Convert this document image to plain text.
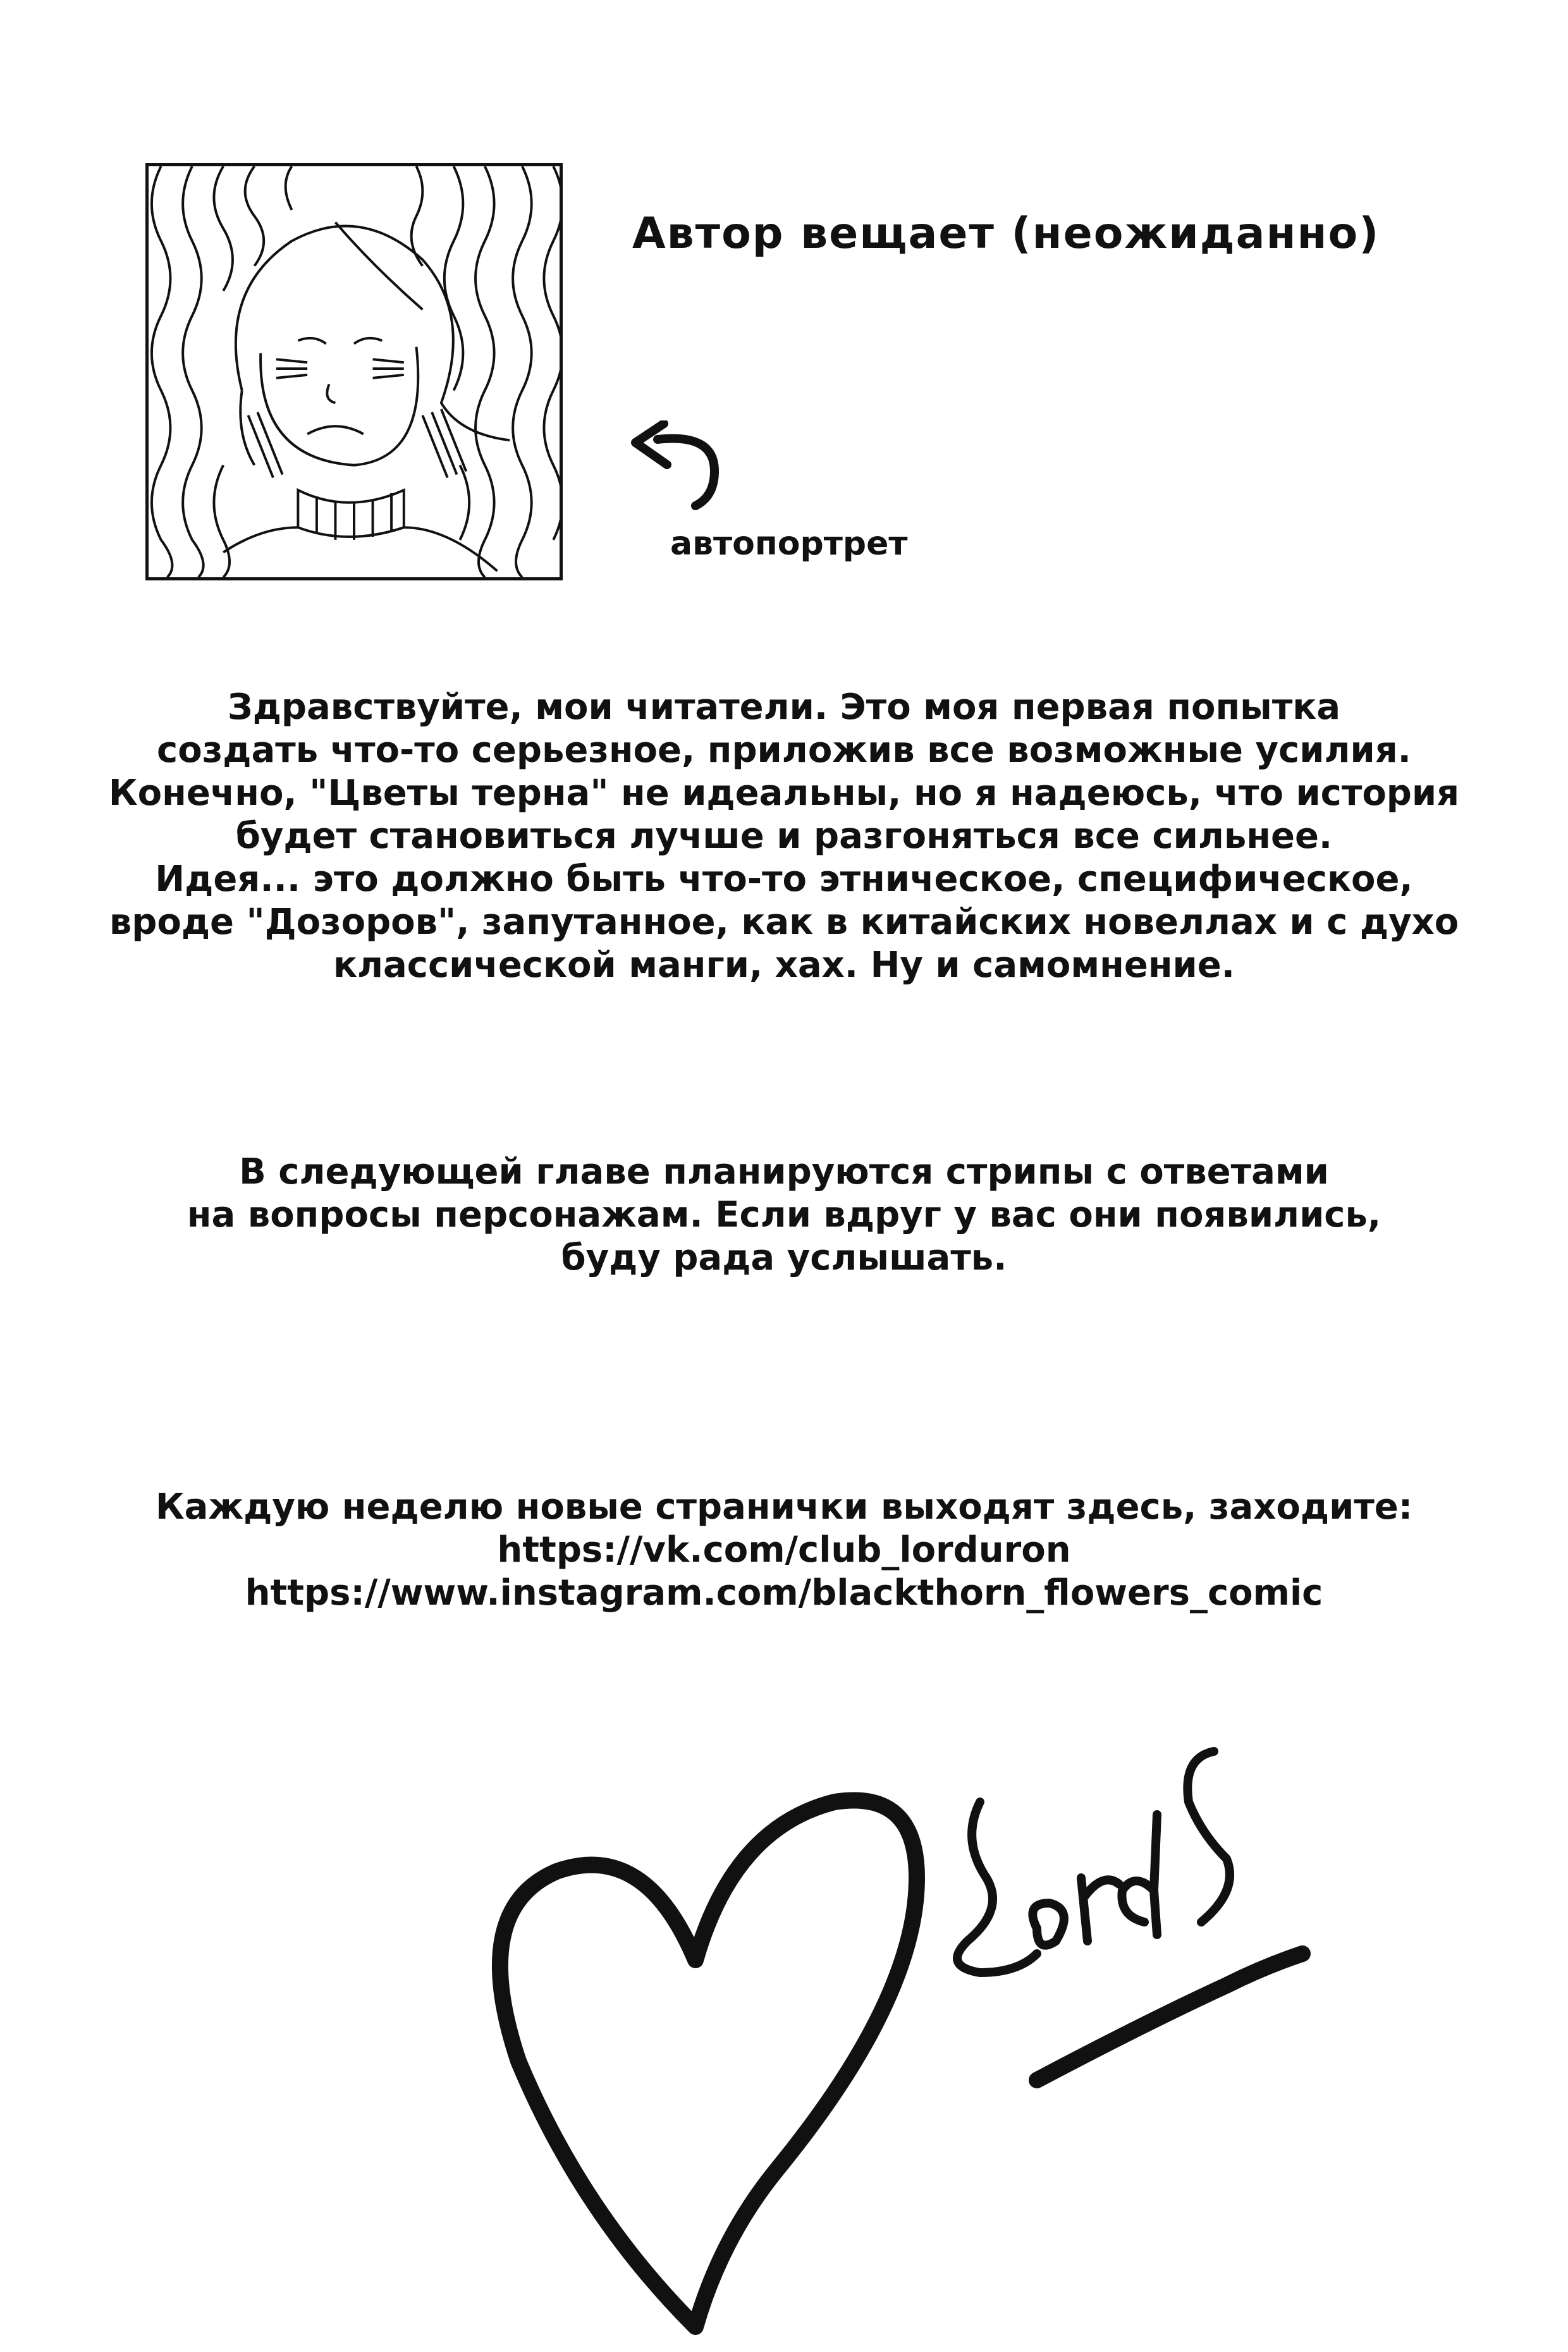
Автор вещает (неожиданно)
автопортрет

Здравствуйте, мои читатели. Это моя первая попытка

создать что-то серьезное, приложив все возможные усилия.

Конечно, "Цветы терна" не идеальны, но я надеюсь, что история

будет становиться лучше и разгоняться все сильнее.

Идея... это должно быть что-то этническое, специфическое,

вроде "Дозоров", запутанное, как в китайских новеллах и с духо

классической манги, хах. Ну и самомнение.

В следующей главе планируются стрипы с ответами

на вопросы персонажам. Если вдруг у вас они появились,

буду рада услышать.

Каждую неделю новые странички выходят здесь, заходите:

https://vk.com/club_lorduron

https://www.instagram.com/blackthorn_flowers_comic
